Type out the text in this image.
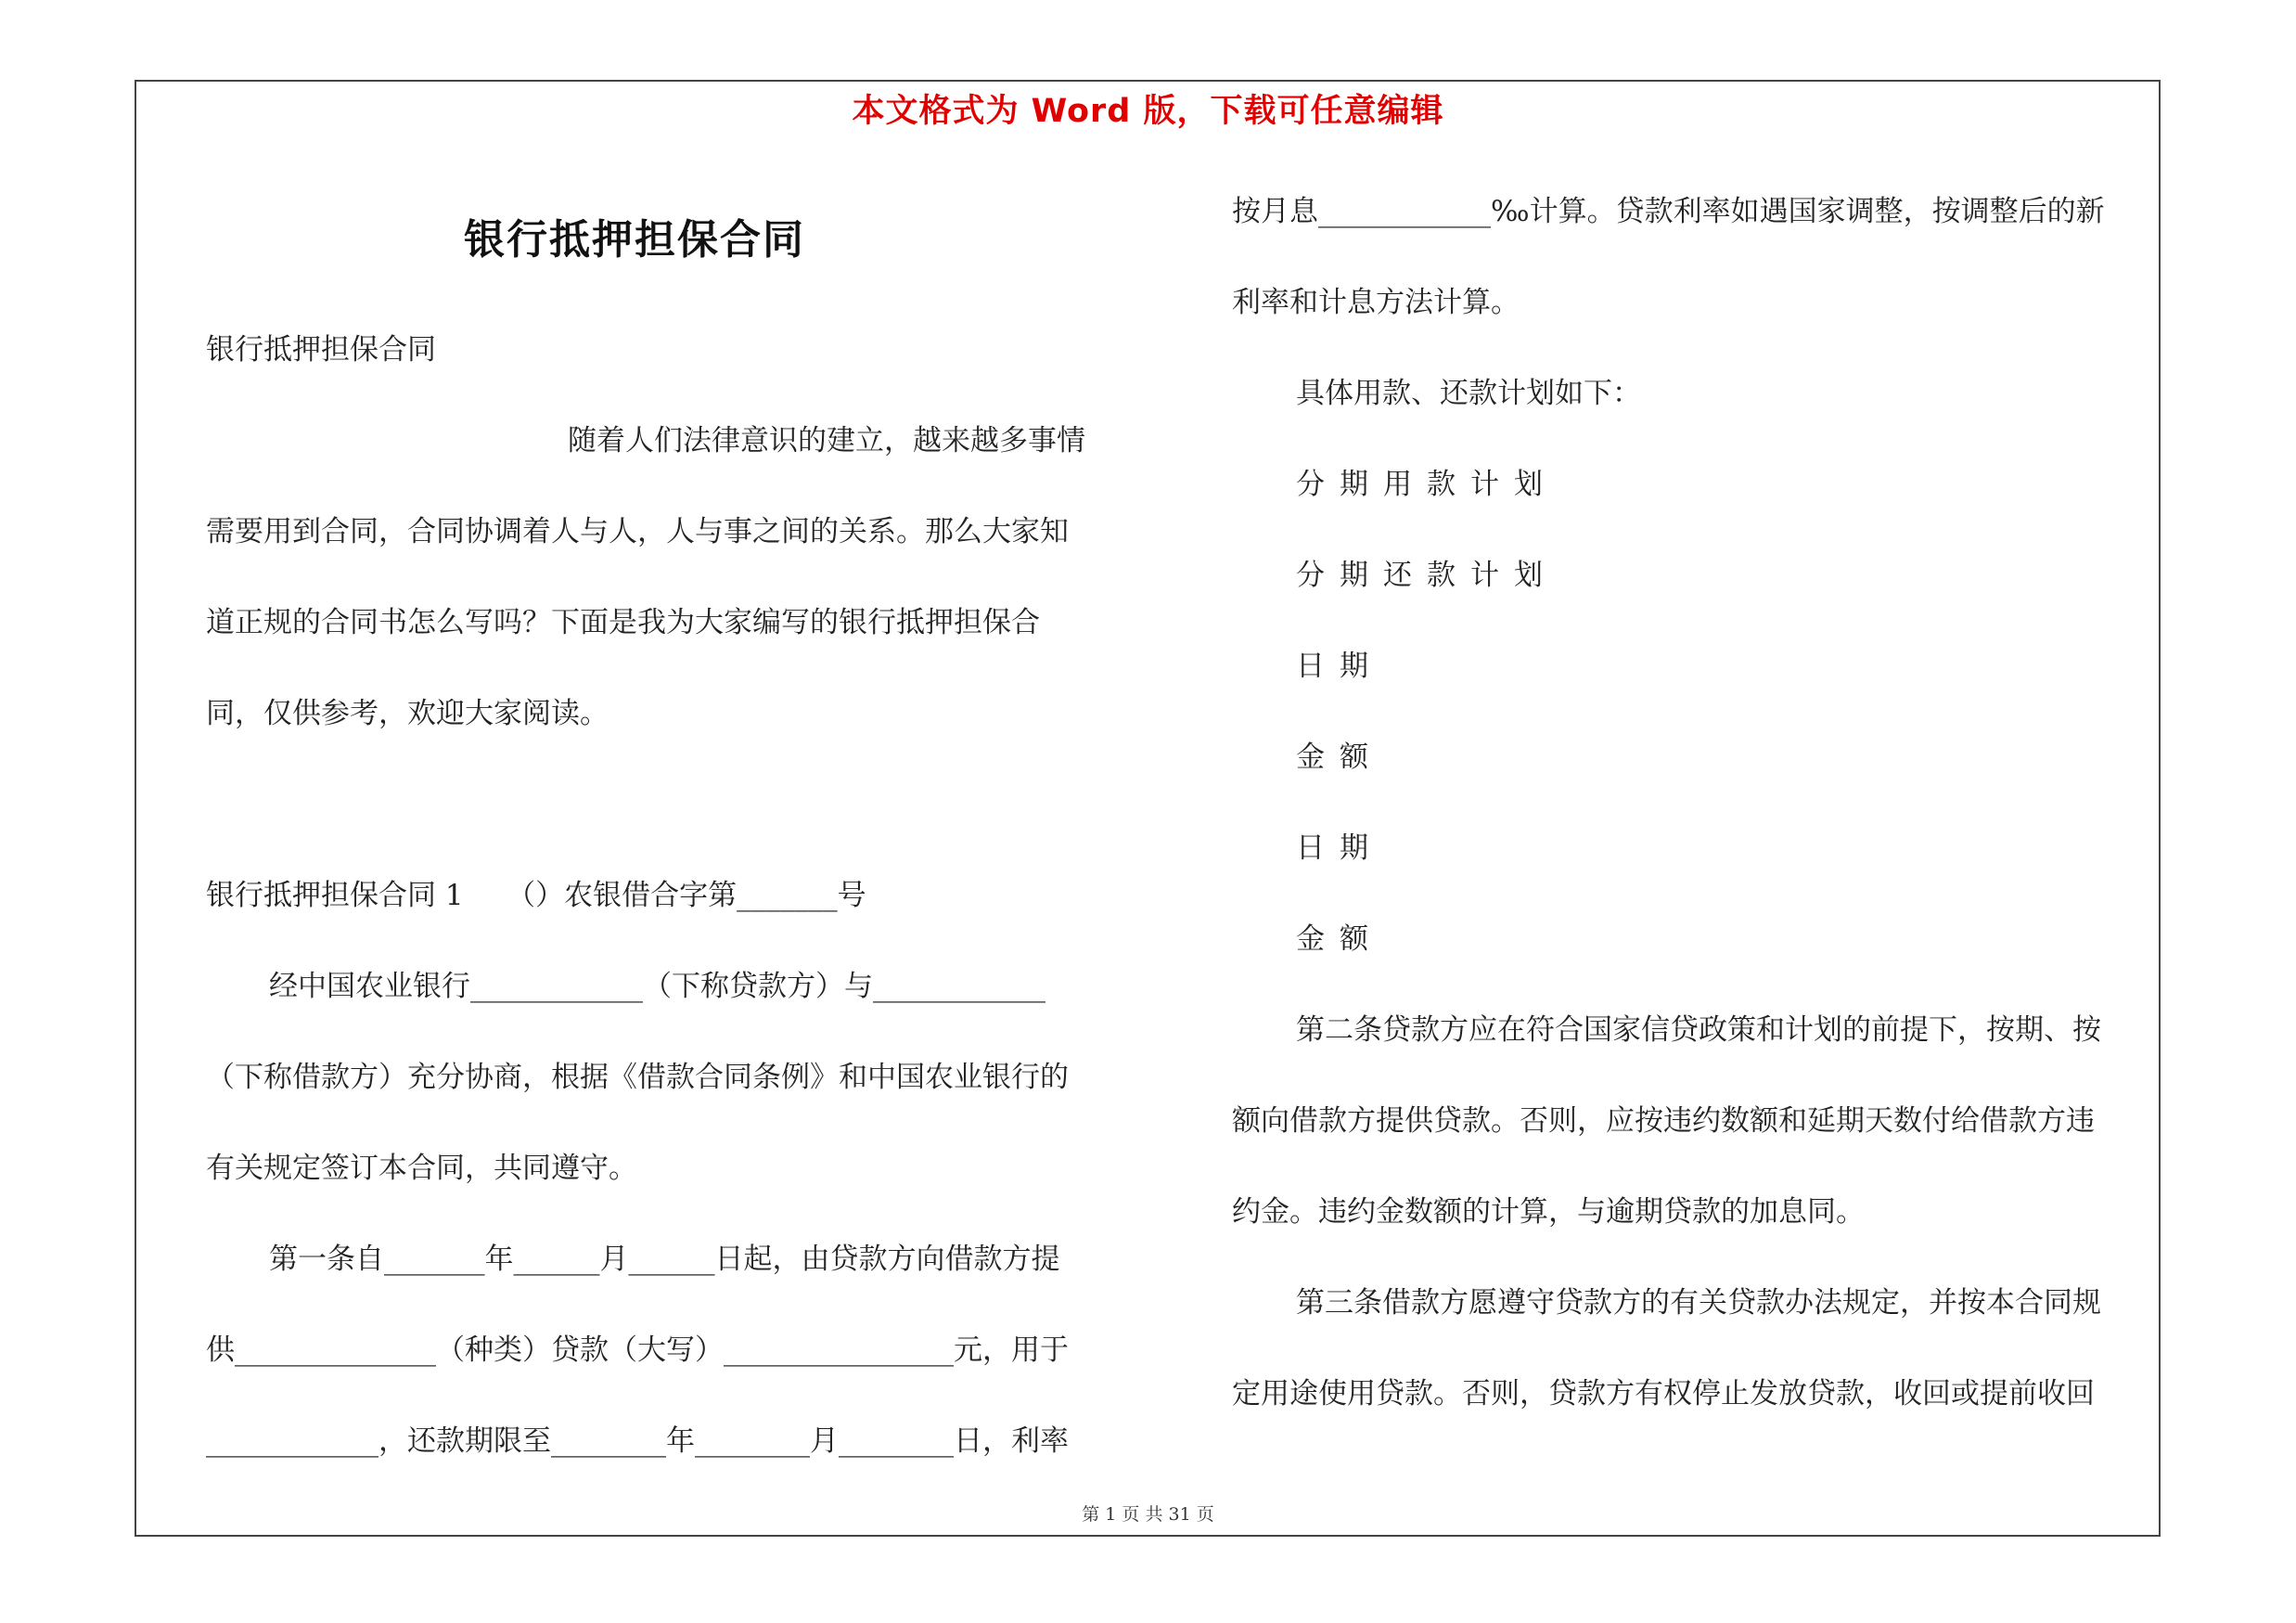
本文格式为 Word 版，下载可任意编辑
银行抵押担保合同
银行抵押担保合同
随着人们法律意识的建立，越来越多事情
需要用到合同，合同协调着人与人，人与事之间的关系。那么大家知
道正规的合同书怎么写吗？下面是我为大家编写的银行抵押担保合
同，仅供参考，欢迎大家阅读。
银行抵押担保合同 1　　（）农银借合字第_______号
经中国农业银行____________（下称贷款方）与____________
（下称借款方）充分协商，根据《借款合同条例》和中国农业银行的
有关规定签订本合同，共同遵守。
第一条自_______年______月______日起，由贷款方向借款方提
供______________（种类）贷款（大写）________________元，用于
____________，还款期限至________年________月________日，利率
按月息____________‰计算。贷款利率如遇国家调整，按调整后的新
利率和计息方法计算。
具体用款、还款计划如下：
分期用款计划
分期还款计划
日期
金额
日期
金额
第二条贷款方应在符合国家信贷政策和计划的前提下，按期、按
额向借款方提供贷款。否则，应按违约数额和延期天数付给借款方违
约金。违约金数额的计算，与逾期贷款的加息同。
第三条借款方愿遵守贷款方的有关贷款办法规定，并按本合同规
定用途使用贷款。否则，贷款方有权停止发放贷款，收回或提前收回
第 1 页 共 31 页
